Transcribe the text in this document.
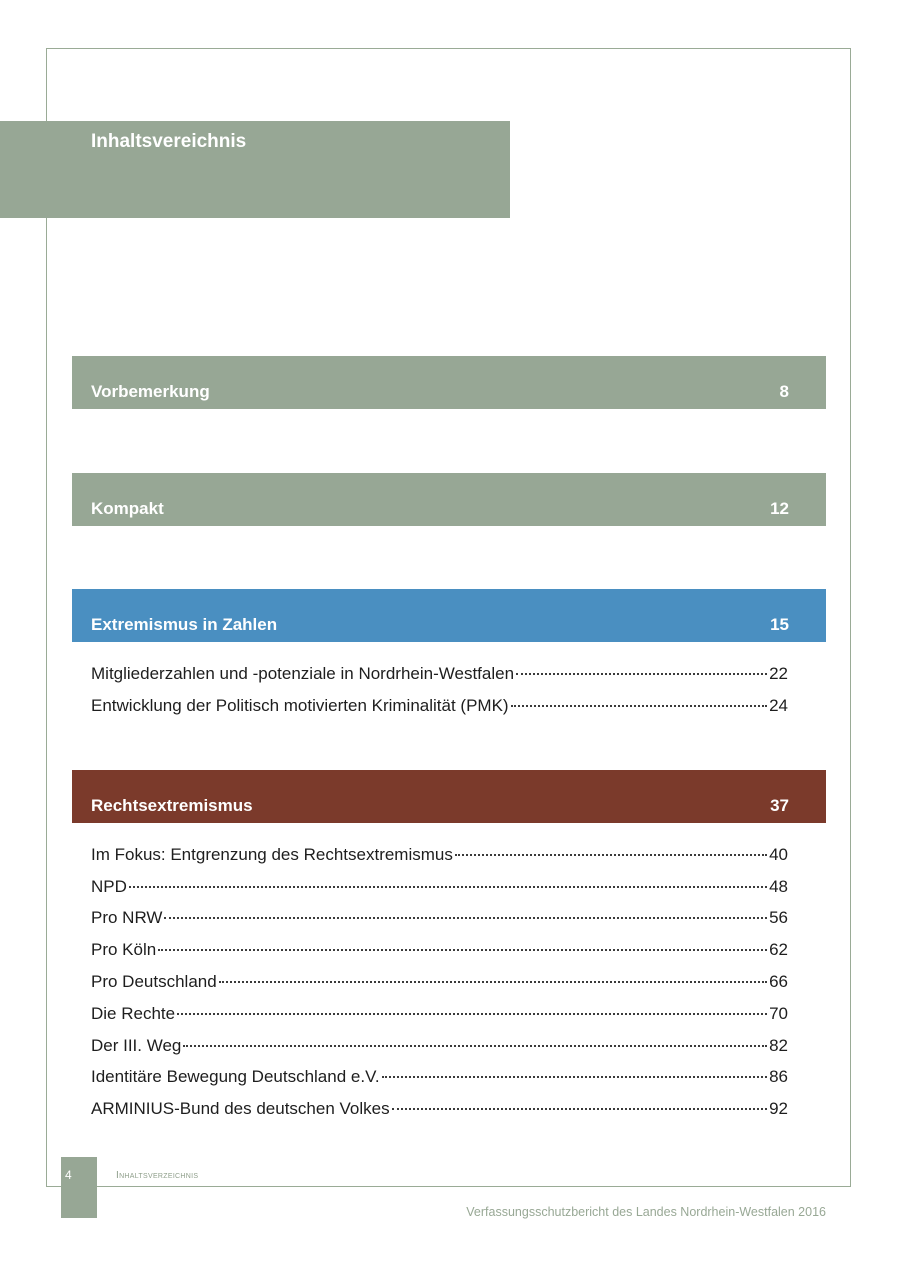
Inhaltsvereichnis
Vorbemerkung	8
Kompakt	12
Extremismus in Zahlen	15
Mitgliederzahlen und -potenziale in Nordrhein-Westfalen	22
Entwicklung der Politisch motivierten Kriminalität (PMK)	24
Rechtsextremismus	37
Im Fokus: Entgrenzung des Rechtsextremismus	40
NPD	48
Pro NRW	56
Pro Köln	62
Pro Deutschland	66
Die Rechte	70
Der III. Weg	82
Identitäre Bewegung Deutschland e.V.	86
ARMINIUS-Bund des deutschen Volkes	92
4	Inhaltsverzeichnis
Verfassungsschutzbericht des Landes Nordrhein-Westfalen 2016
